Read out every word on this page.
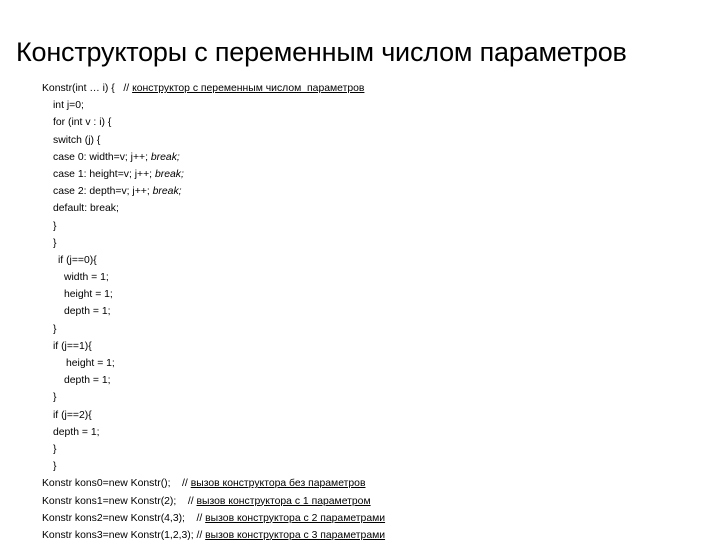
Конструкторы с переменным числом параметров
Konstr(int … i) {   // конструктор с переменным числом  параметров
int j=0;
for (int v : i) {
switch (j) {
case 0: width=v; j++; break;
case 1: height=v; j++; break;
case 2: depth=v; j++; break;
default: break;
}
}
if (j==0){
width = 1;
height = 1;
depth = 1;
}
if (j==1){
height = 1;
depth = 1;
}
if (j==2){
depth = 1;
}
}
Konstr kons0=new Konstr();    // вызов конструктора без параметров
Konstr kons1=new Konstr(2);    // вызов конструктора с 1 параметром
Konstr kons2=new Konstr(4,3);    // вызов конструктора с 2 параметрами
Konstr kons3=new Konstr(1,2,3); // вызов конструктора с 3 параметрами
